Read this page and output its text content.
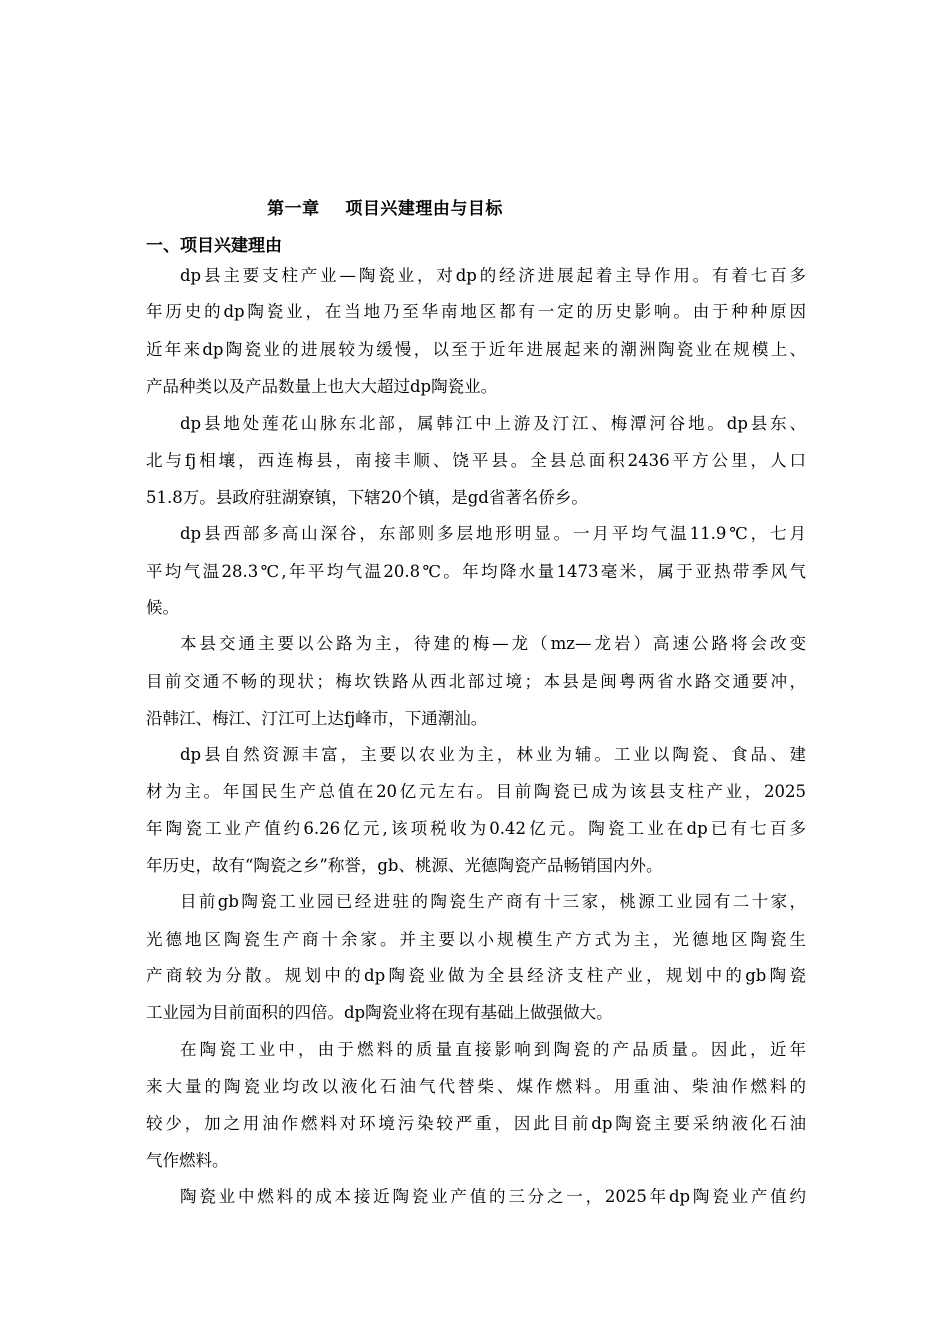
第一章    项目兴建理由与目标
一、项目兴建理由
dp县主要支柱产业—陶瓷业，对dp的经济进展起着主导作用。有着七百多
年历史的dp陶瓷业，在当地乃至华南地区都有一定的历史影响。由于种种原因
近年来dp陶瓷业的进展较为缓慢，以至于近年进展起来的潮洲陶瓷业在规模上、
产品种类以及产品数量上也大大超过dp陶瓷业。
dp县地处莲花山脉东北部，属韩江中上游及汀江、梅潭河谷地。dp县东、
北与fj相壤，西连梅县，南接丰顺、饶平县。全县总面积2436平方公里，人口
51.8万。县政府驻湖寮镇，下辖20个镇，是gd省著名侨乡。
dp县西部多高山深谷，东部则多层地形明显。一月平均气温11.9℃，七月
平均气温28.3℃,年平均气温20.8℃。年均降水量1473毫米，属于亚热带季风气
候。
本县交通主要以公路为主，待建的梅—龙（mz—龙岩）高速公路将会改变
目前交通不畅的现状；梅坎铁路从西北部过境；本县是闽粤两省水路交通要冲，
沿韩江、梅江、汀江可上达fj峰市，下通潮汕。
dp县自然资源丰富，主要以农业为主，林业为辅。工业以陶瓷、食品、建
材为主。年国民生产总值在20亿元左右。目前陶瓷已成为该县支柱产业，2025
年陶瓷工业产值约6.26亿元,该项税收为0.42亿元。陶瓷工业在dp已有七百多
年历史，故有“陶瓷之乡”称誉，gb、桃源、光德陶瓷产品畅销国内外。
目前gb陶瓷工业园已经进驻的陶瓷生产商有十三家，桃源工业园有二十家，
光德地区陶瓷生产商十余家。并主要以小规模生产方式为主，光德地区陶瓷生
产商较为分散。规划中的dp陶瓷业做为全县经济支柱产业，规划中的gb陶瓷
工业园为目前面积的四倍。dp陶瓷业将在现有基础上做强做大。
在陶瓷工业中，由于燃料的质量直接影响到陶瓷的产品质量。因此，近年
来大量的陶瓷业均改以液化石油气代替柴、煤作燃料。用重油、柴油作燃料的
较少，加之用油作燃料对环境污染较严重，因此目前dp陶瓷主要采纳液化石油
气作燃料。
陶瓷业中燃料的成本接近陶瓷业产值的三分之一，2025年dp陶瓷业产值约
